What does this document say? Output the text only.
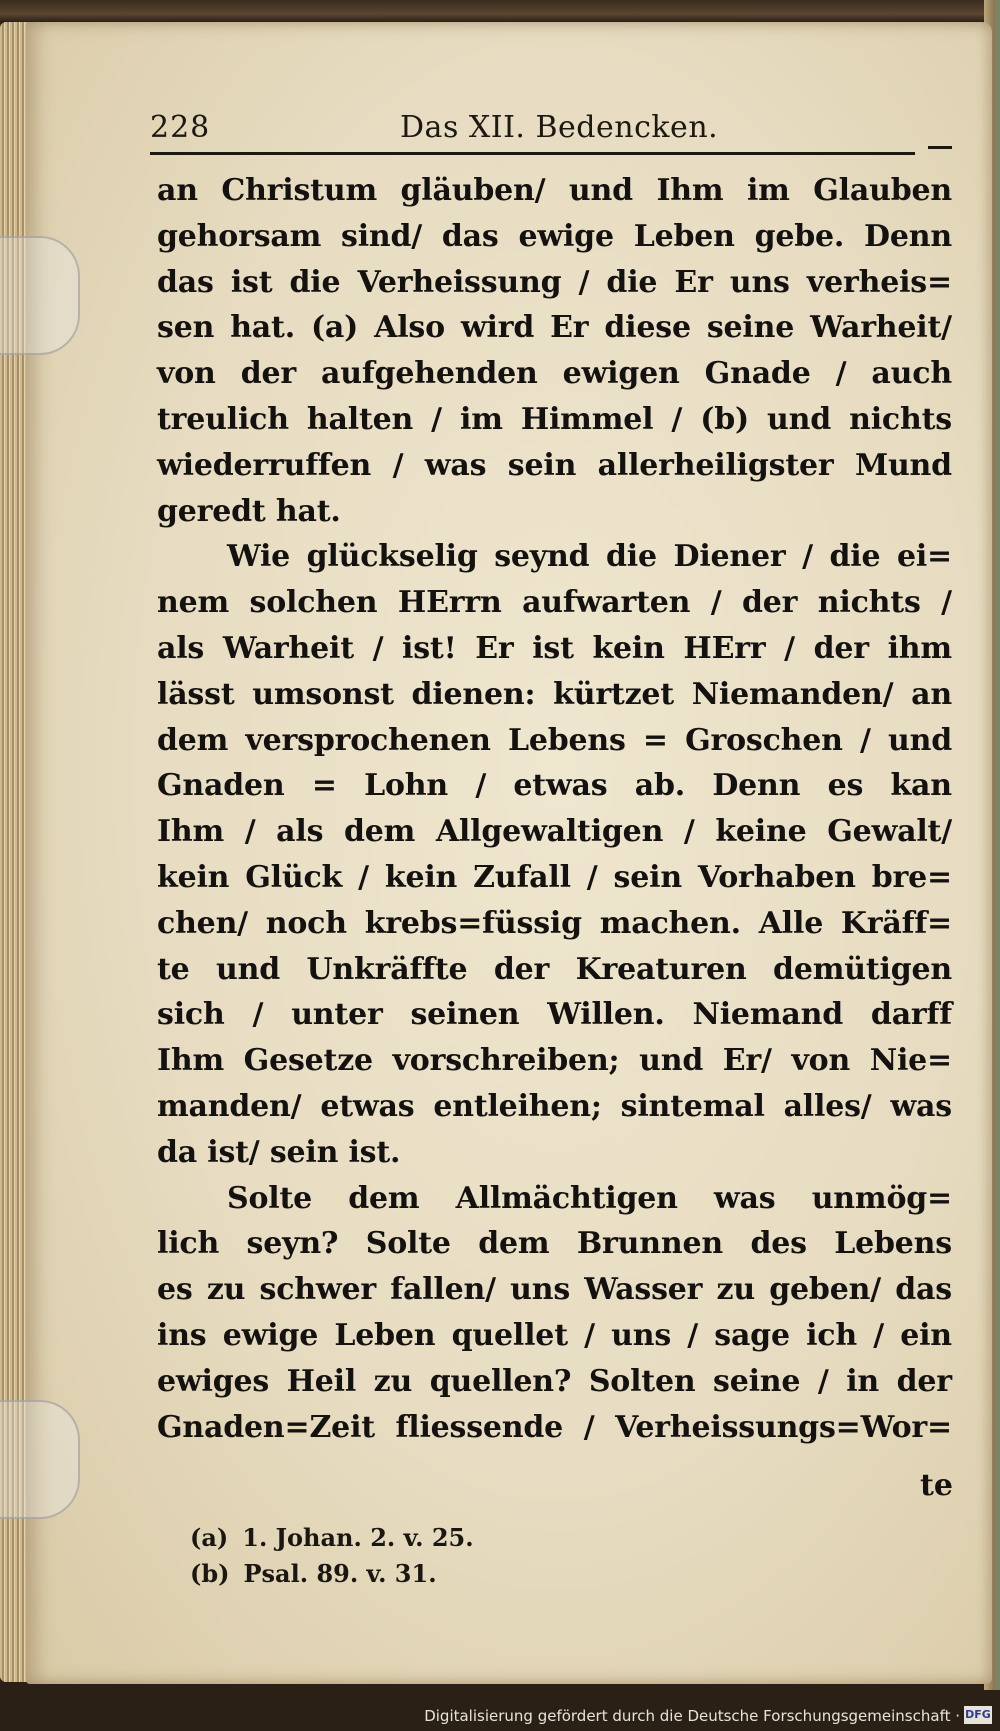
228	Das XII. Bedencken.
an Christum gläuben/ und Ihm im Glauben
gehorsam sind/ das ewige Leben gebe. Denn
das ist die Verheissung / die Er uns verheis=
sen hat. (a) Also wird Er diese seine Warheit/
von der aufgehenden ewigen Gnade / auch
treulich halten / im Himmel / (b) und nichts
wiederruffen / was sein allerheiligster Mund
geredt hat.
Wie glückselig seynd die Diener / die ei=
nem solchen HErrn aufwarten / der nichts /
als Warheit / ist! Er ist kein HErr / der ihm
lässt umsonst dienen: kürtzet Niemanden/ an
dem versprochenen Lebens = Groschen / und
Gnaden = Lohn / etwas ab. Denn es kan
Ihm / als dem Allgewaltigen / keine Gewalt/
kein Glück / kein Zufall / sein Vorhaben bre=
chen/ noch krebs=füssig machen. Alle Kräff=
te und Unkräffte der Kreaturen demütigen
sich / unter seinen Willen. Niemand darff
Ihm Gesetze vorschreiben; und Er/ von Nie=
manden/ etwas entleihen; sintemal alles/ was
da ist/ sein ist.
Solte dem Allmächtigen was unmög=
lich seyn? Solte dem Brunnen des Lebens
es zu schwer fallen/ uns Wasser zu geben/ das
ins ewige Leben quellet / uns / sage ich / ein
ewiges Heil zu quellen? Solten seine / in der
Gnaden=Zeit fliessende / Verheissungs=Wor=
te
(a) 1. Johan. 2. v. 25.
(b) Psal. 89. v. 31.
Digitalisierung gefördert durch die Deutsche Forschungsgemeinschaft · DFG
